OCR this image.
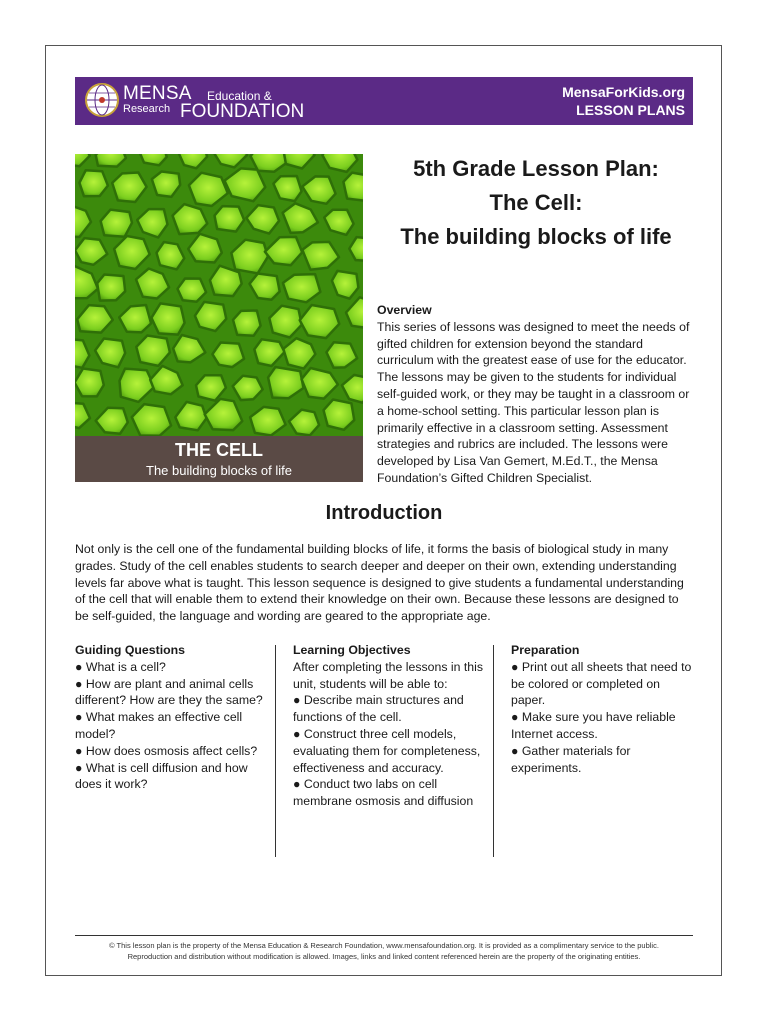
MENSA Education &
Research FOUNDATION
MensaForKids.org
LESSON PLANS
THE CELL
The building blocks of life
5th Grade Lesson Plan:
The Cell:
The building blocks of life
Overview
This series of lessons was designed to meet the needs of gifted children for extension beyond the standard curriculum with the greatest ease of use for the educator. The lessons may be given to the students for individual self-guided work, or they may be taught in a classroom or a home-school setting. This particular lesson plan is primarily effective in a classroom setting. Assessment strategies and rubrics are included. The lessons were developed by Lisa Van Gemert, M.Ed.T., the Mensa Foundation’s Gifted Children Specialist.
Introduction
Not only is the cell one of the fundamental building blocks of life, it forms the basis of biological study in many grades. Study of the cell enables students to search deeper and deeper on their own, extending understanding levels far above what is taught. This lesson sequence is designed to give students a fundamental understanding of the cell that will enable them to extend their knowledge on their own. Because these lessons are designed to be self-guided, the language and wording are geared to the appropriate age.
Guiding Questions
● What is a cell?
● How are plant and animal cells different? How are they the same?
● What makes an effective cell model?
● How does osmosis affect cells?
● What is cell diffusion and how does it work?
Learning Objectives
After completing the lessons in this unit, students will be able to:
● Describe main structures and functions of the cell.
● Construct three cell models, evaluating them for completeness, effectiveness and accuracy.
● Conduct two labs on cell membrane osmosis and diffusion
Preparation
● Print out all sheets that need to be colored or completed on paper.
● Make sure you have reliable Internet access.
● Gather materials for experiments.
© This lesson plan is the property of the Mensa Education & Research Foundation, www.mensafoundation.org. It is provided as a complimentary service to the public.
Reproduction and distribution without modification is allowed. Images, links and linked content referenced herein are the property of the originating entities.
